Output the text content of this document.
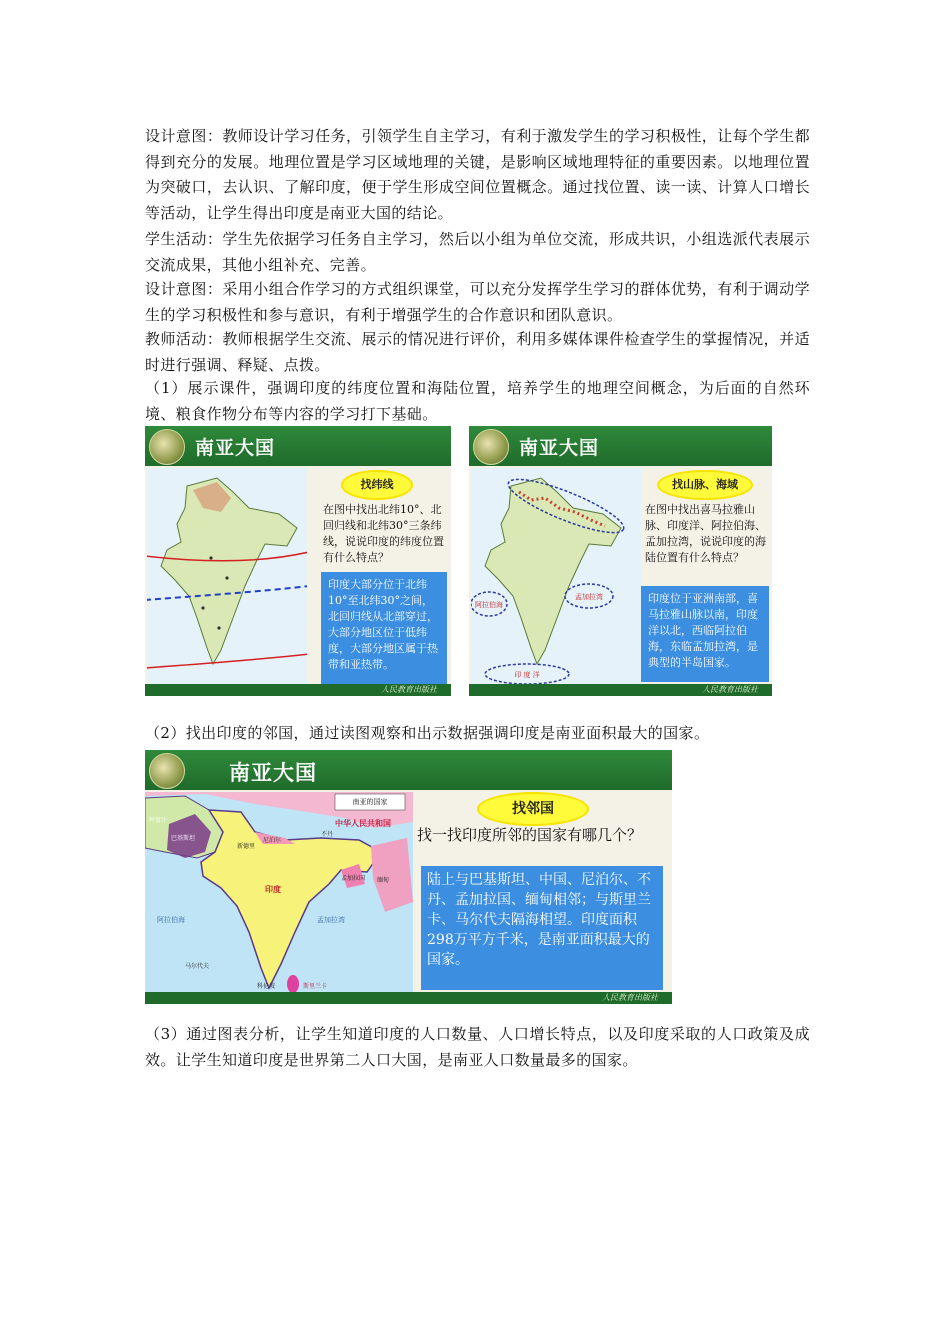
设计意图：教师设计学习任务，引领学生自主学习，有利于激发学生的学习积极性，让每个学生都得到充分的发展。地理位置是学习区域地理的关键，是影响区域地理特征的重要因素。以地理位置为突破口，去认识、了解印度，便于学生形成空间位置概念。通过找位置、读一读、计算人口增长等活动，让学生得出印度是南亚大国的结论。
学生活动：学生先依据学习任务自主学习，然后以小组为单位交流，形成共识，小组选派代表展示交流成果，其他小组补充、完善。
设计意图：采用小组合作学习的方式组织课堂，可以充分发挥学生学习的群体优势，有利于调动学生的学习积极性和参与意识，有利于增强学生的合作意识和团队意识。
教师活动：教师根据学生交流、展示的情况进行评价，利用多媒体课件检查学生的掌握情况，并适时进行强调、释疑、点拨。
（1）展示课件，强调印度的纬度位置和海陆位置，培养学生的地理空间概念，为后面的自然环境、粮食作物分布等内容的学习打下基础。
南亚大国
找纬线
在图中找出北纬10°、北回归线和北纬30°三条纬线，说说印度的纬度位置有什么特点？
印度大部分位于北纬10°至北纬30°之间，北回归线从北部穿过，大部分地区位于低纬度，大部分地区属于热带和亚热带。
人民教育出版社
南亚大国
阿拉伯海
孟加拉湾
印 度 洋
找山脉、海域
在图中找出喜马拉雅山脉、印度洋、阿拉伯海、孟加拉湾，说说印度的海陆位置有什么特点？
印度位于亚洲南部，喜马拉雅山脉以南，印度洋以北，西临阿拉伯海，东临孟加拉湾，是典型的半岛国家。
人民教育出版社
（2）找出印度的邻国，通过读图观察和出示数据强调印度是南亚面积最大的国家。
南亚大国
南亚的国家
中华人民共和国
阿富汗
巴基斯坦
新德里
尼泊尔
不丹
孟加拉国 缅甸
印度
阿拉伯海	孟加拉湾
斯里兰卡
马尔代夫
科伦坡
找邻国
找一找印度所邻的国家有哪几个？
陆上与巴基斯坦、中国、尼泊尔、不丹、孟加拉国、缅甸相邻；与斯里兰卡、马尔代夫隔海相望。印度面积298万平方千米，是南亚面积最大的国家。
人民教育出版社
（3）通过图表分析，让学生知道印度的人口数量、人口增长特点，以及印度采取的人口政策及成效。让学生知道印度是世界第二人口大国，是南亚人口数量最多的国家。
